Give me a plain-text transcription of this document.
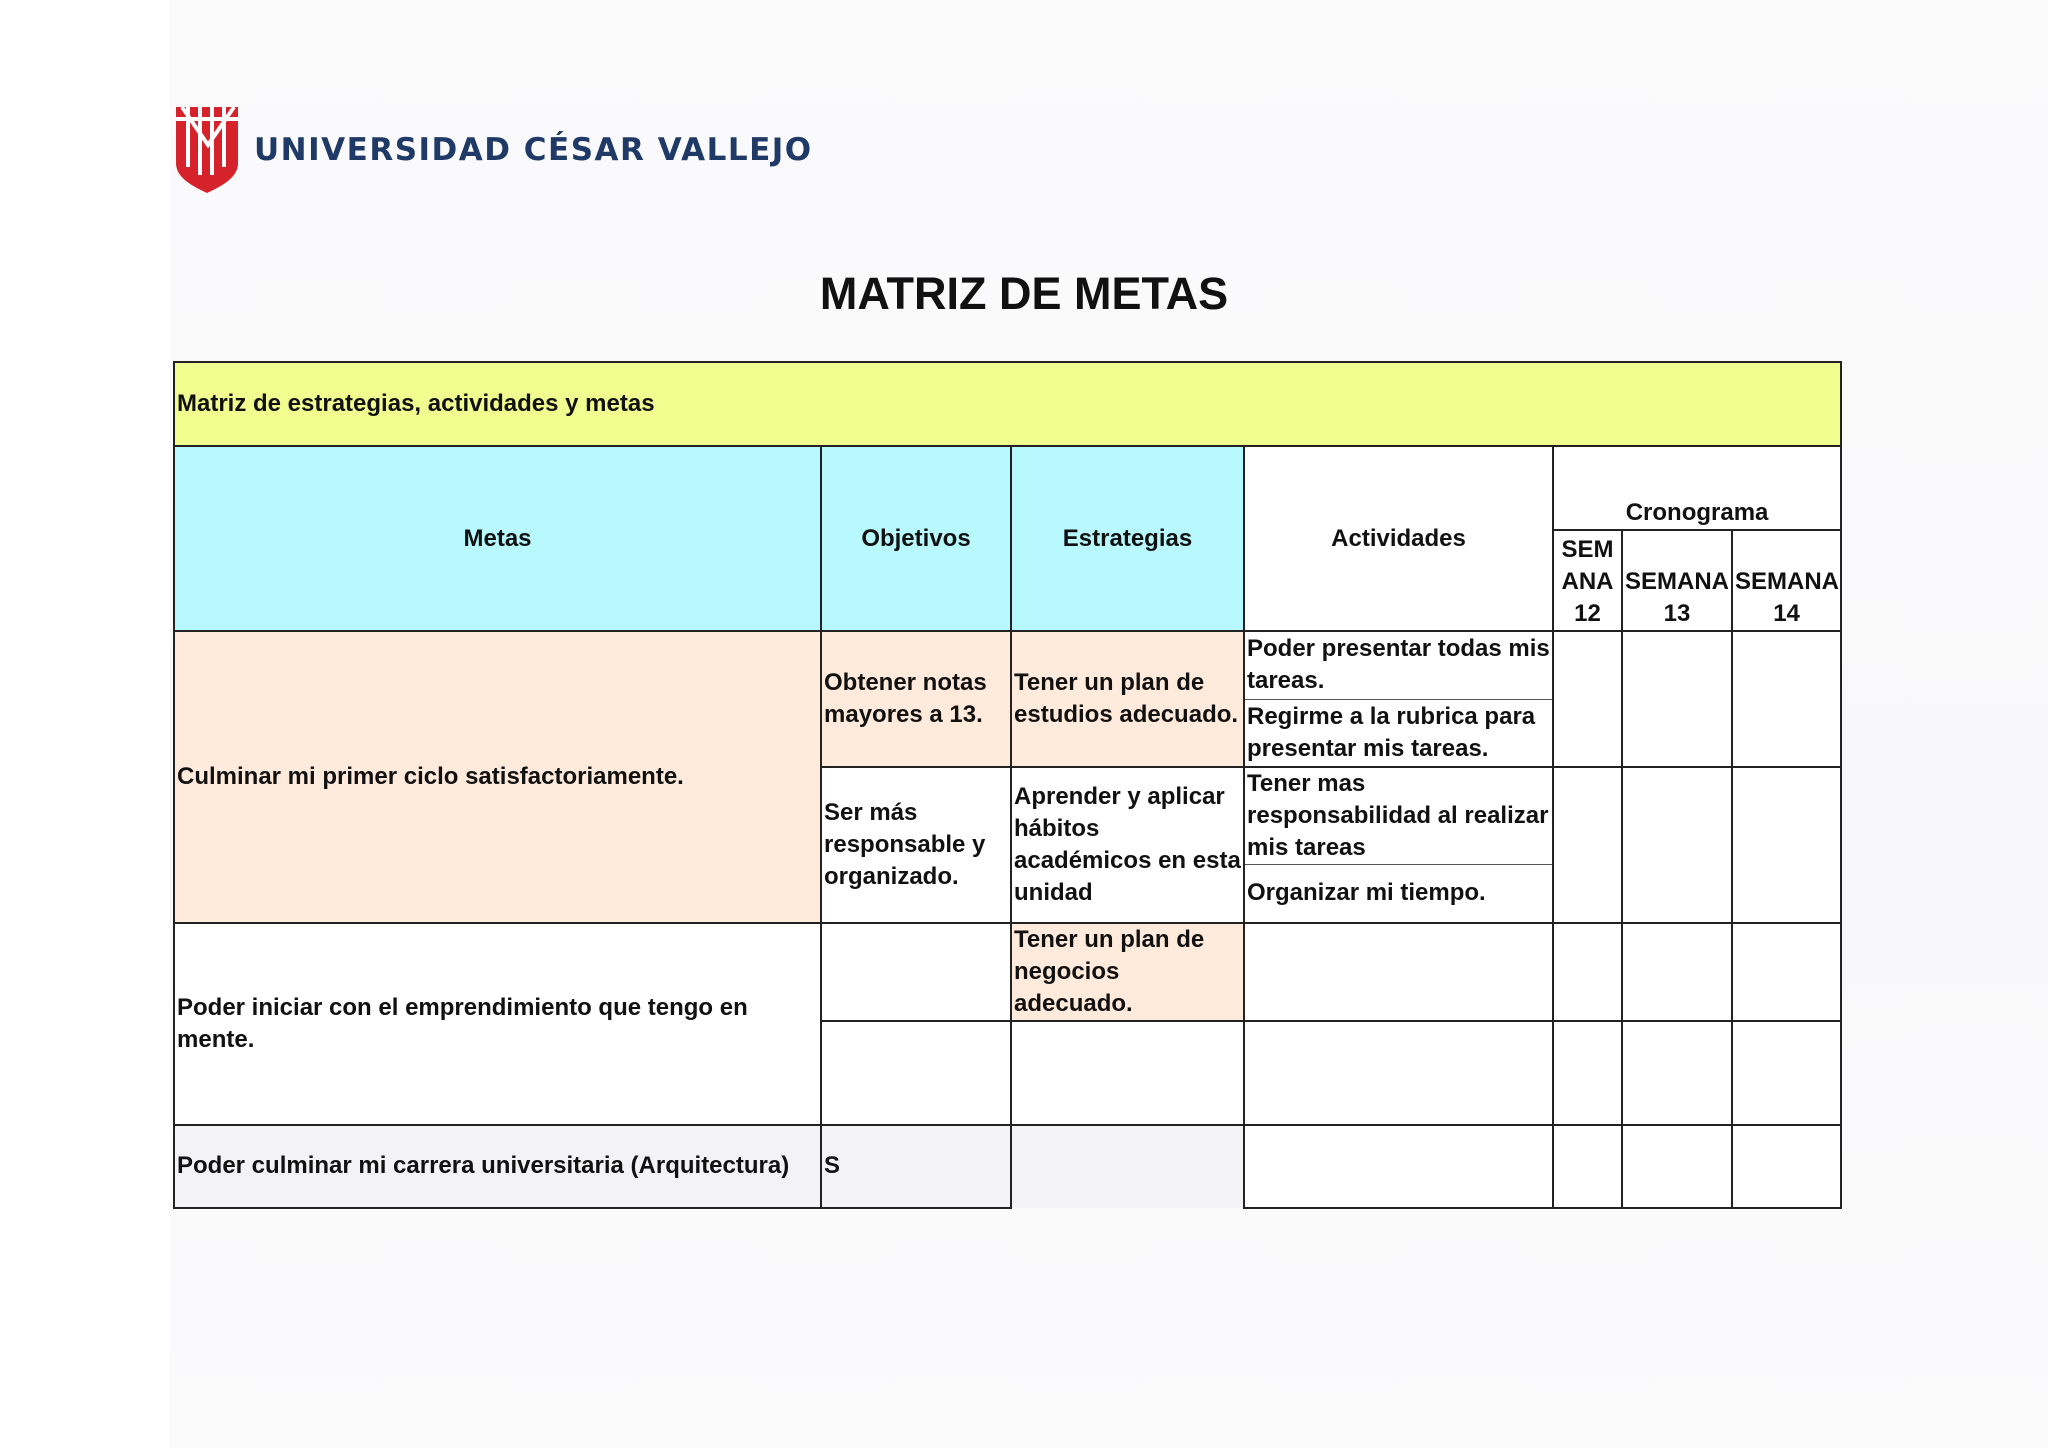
UNIVERSIDAD CÉSAR VALLEJO
MATRIZ DE METAS
Matriz de estrategias, actividades y metas						
Metas	Objetivos	Estrategias	Actividades	Cronograma		
				SEMANA 12	SEMANA 13	SEMANA 14
Culminar mi primer ciclo satisfactoriamente.	Obtener notas mayores a 13.	Tener un plan de estudios adecuado.	Poder presentar todas mis tareas.			
			Regirme a la rubrica para presentar mis tareas.			
	Ser más responsable y organizado.	Aprender y aplicar hábitos académicos en esta unidad	Tener mas responsabilidad al realizar mis tareas			
			Organizar mi tiempo.			
Poder iniciar con el emprendimiento que tengo en mente.		Tener un plan de negocios adecuado.				

Poder culminar mi carrera universitaria (Arquitectura)	S					
